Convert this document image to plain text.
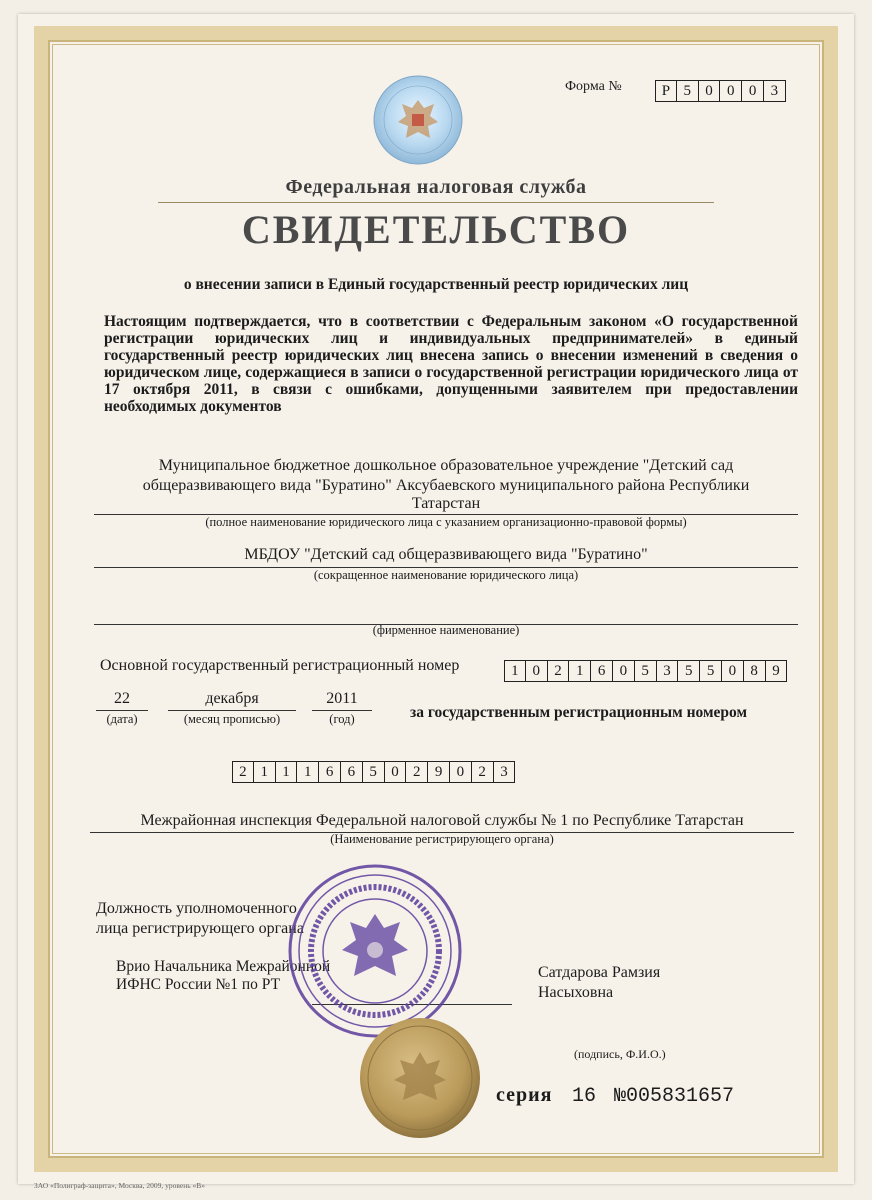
Форма №	Р 5 0 0 0 3
Федеральная налоговая служба
СВИДЕТЕЛЬСТВО
о внесении записи в Единый государственный реестр юридических лиц
Настоящим подтверждается, что в соответствии с Федеральным законом «О государственной регистрации юридических лиц и индивидуальных предпринимателей» в единый государственный реестр юридических лиц внесена запись о внесении изменений в сведения о юридическом лице, содержащиеся в записи о государственной регистрации юридического лица от 17 октября 2011, в связи с ошибками, допущенными заявителем при предоставлении необходимых документов
Муниципальное бюджетное дошкольное образовательное учреждение "Детский сад
общеразвивающего вида "Буратино" Аксубаевского муниципального района Республики
Татарстан
(полное наименование юридического лица с указанием организационно-правовой формы)
МБДОУ "Детский сад общеразвивающего вида "Буратино"
(сокращенное наименование юридического лица)
(фирменное наименование)
Основной государственный регистрационный номер	1 0 2 1 6 0 5 3 5 5 0 8 9
22
(дата)
декабря
(месяц прописью)
2011
(год)	за государственным регистрационным номером
2 1 1 1 6 6 5 0 2 9 0 2 3
Межрайонная инспекция Федеральной налоговой службы № 1 по Республике Татарстан
(Наименование регистрирующего органа)
Должность уполномоченного
лица регистрирующего органа
Врио Начальника Межрайонной
ИФНС России №1 по РТ
Сатдарова Рамзия
Насыховна
(подпись, Ф.И.О.)
серия 16 №005831657
ЗАО «Полиграф-защита», Москва, 2009, уровень «В»
